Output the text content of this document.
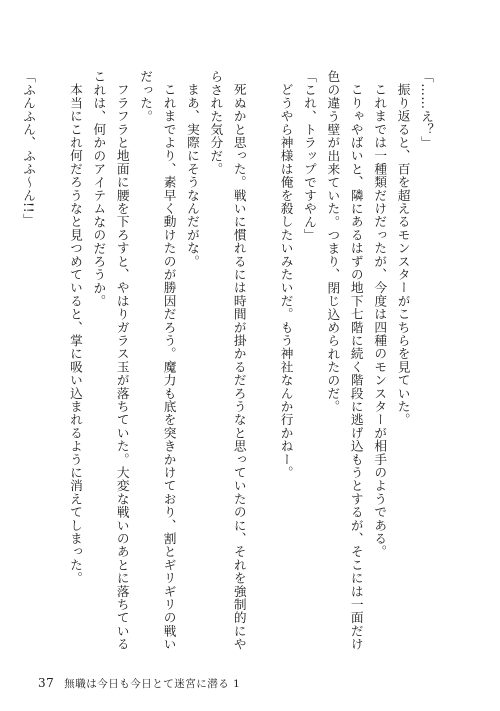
「……え？」
振り返ると、百を超えるモンスターがこちらを見ていた。
これまでは一種類だけだったが、今度は四種のモンスターが相手のようである。
こりゃやばいと、隣にあるはずの地下七階に続く階段に逃げ込もうとするが、そこには一面だけ
色の違う壁が出来ていた。つまり、閉じ込められたのだ。
「これ、トラップですやん」
どうやら神様は俺を殺したいみたいだ。もう神社なんか行かねー。
死ぬかと思った。戦いに慣れるには時間が掛かるだろうなと思っていたのに、それを強制的にや
らされた気分だ。
まあ、実際にそうなんだがな。
これまでより、素早く動けたのが勝因だろう。魔力も底を突きかけており、割とギリギリの戦い
だった。
フラフラと地面に腰を下ろすと、やはりガラス玉が落ちていた。大変な戦いのあとに落ちている
これは、何かのアイテムなのだろうか。
本当にこれ何だろうなと見つめていると、掌に吸い込まれるように消えてしまった。
「ふんふん、ふふ〜ん!!」
37 無職は今日も今日とて迷宮に潜る 1
